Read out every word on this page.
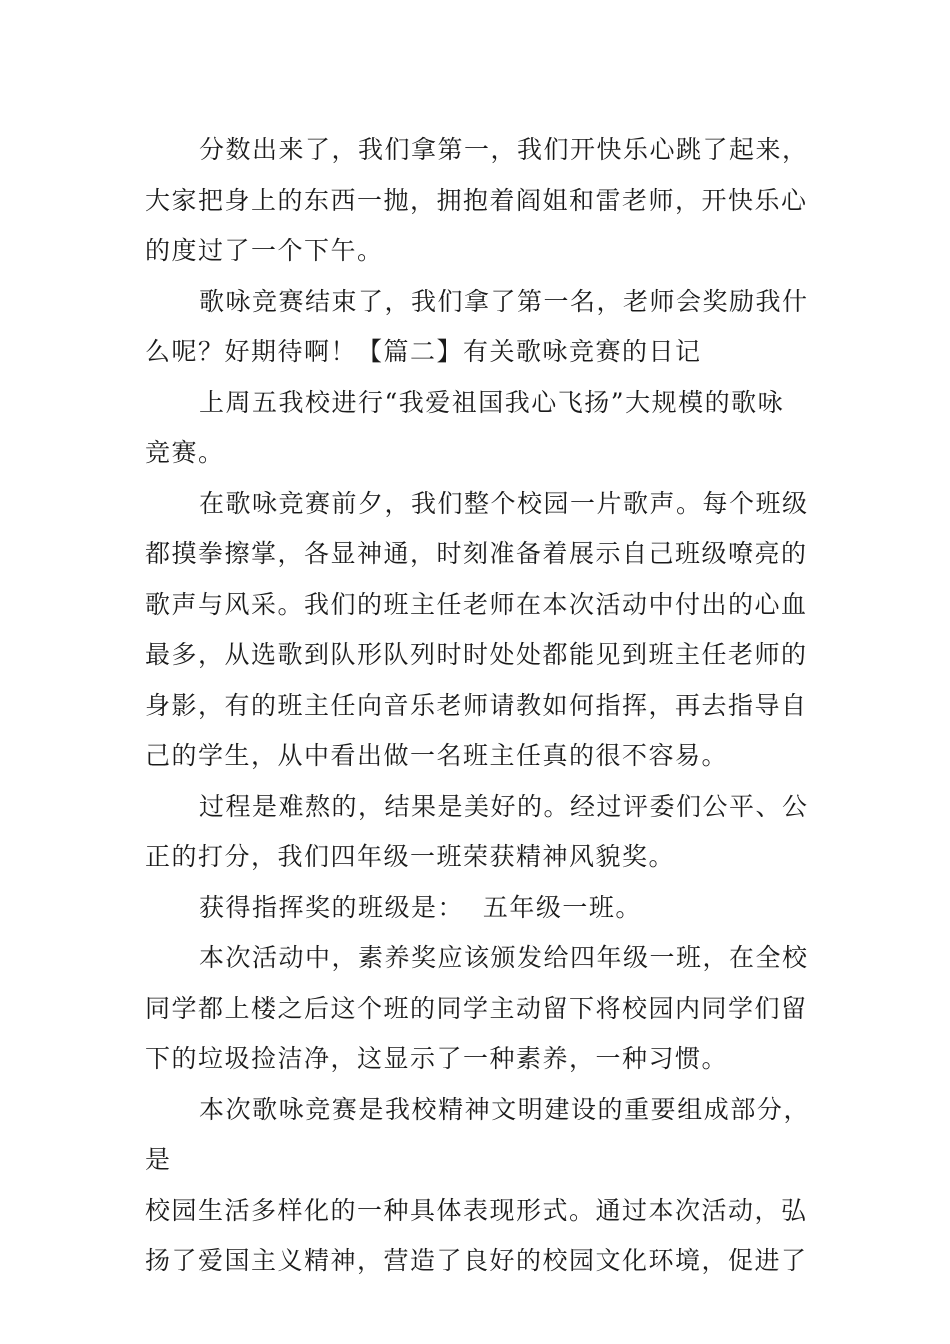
分数出来了，我们拿第一，我们开快乐心跳了起来，
大家把身上的东西一抛，拥抱着阎姐和雷老师，开快乐心
的度过了一个下午。

歌咏竞赛结束了，我们拿了第一名，老师会奖励我什
么呢？好期待啊！【篇二】有关歌咏竞赛的日记

上周五我校进行“我爱祖国我心飞扬”大规模的歌咏
竞赛。

在歌咏竞赛前夕，我们整个校园一片歌声。每个班级
都摸拳擦掌，各显神通，时刻准备着展示自己班级嘹亮的
歌声与风采。我们的班主任老师在本次活动中付出的心血
最多，从选歌到队形队列时时处处都能见到班主任老师的
身影，有的班主任向音乐老师请教如何指挥，再去指导自
己的学生，从中看出做一名班主任真的很不容易。

过程是难熬的，结果是美好的。经过评委们公平、公
正的打分，我们四年级一班荣获精神风貌奖。

获得指挥奖的班级是：  五年级一班。

本次活动中，素养奖应该颁发给四年级一班，在全校
同学都上楼之后这个班的同学主动留下将校园内同学们留
下的垃圾捡洁净，这显示了一种素养，一种习惯。

本次歌咏竞赛是我校精神文明建设的重要组成部分，是
校园生活多样化的一种具体表现形式。通过本次活动，弘
扬了爱国主义精神，营造了良好的校园文化环境，促进了
